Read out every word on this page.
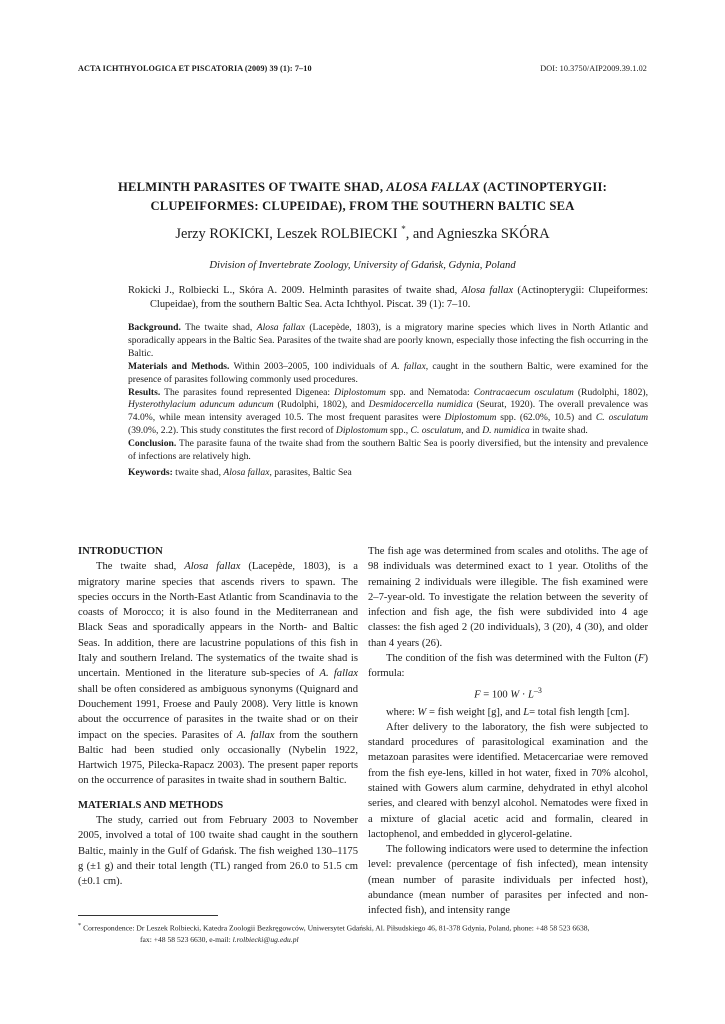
ACTA ICHTHYOLOGICA ET PISCATORIA (2009) 39 (1): 7–10	DOI: 10.3750/AIP2009.39.1.02
HELMINTH PARASITES OF TWAITE SHAD, ALOSA FALLAX (ACTINOPTERYGII:
CLUPEIFORMES: CLUPEIDAE), FROM THE SOUTHERN BALTIC SEA
Jerzy ROKICKI, Leszek ROLBIECKI *, and Agnieszka SKÓRA
Division of Invertebrate Zoology, University of Gdańsk, Gdynia, Poland
Rokicki J., Rolbiecki L., Skóra A. 2009. Helminth parasites of twaite shad, Alosa fallax (Actinopterygii: Clupeiformes: Clupeidae), from the southern Baltic Sea. Acta Ichthyol. Piscat. 39 (1): 7–10.

Background. The twaite shad, Alosa fallax (Lacepède, 1803), is a migratory marine species which lives in North Atlantic and sporadically appears in the Baltic Sea. Parasites of the twaite shad are poorly known, especially those infecting the fish occurring in the Baltic.

Materials and Methods. Within 2003–2005, 100 individuals of A. fallax, caught in the southern Baltic, were examined for the presence of parasites following commonly used procedures.

Results. The parasites found represented Digenea: Diplostomum spp. and Nematoda: Contracaecum osculatum (Rudolphi, 1802), Hysterothylacium aduncum aduncum (Rudolphi, 1802), and Desmidocercella numidica (Seurat, 1920). The overall prevalence was 74.0%, while mean intensity averaged 10.5. The most frequent parasites were Diplostomum spp. (62.0%, 10.5) and C. osculatum (39.0%, 2.2). This study constitutes the first record of Diplostomum spp., C. osculatum, and D. numidica in twaite shad.

Conclusion. The parasite fauna of the twaite shad from the southern Baltic Sea is poorly diversified, but the intensity and prevalence of infections are relatively high.

Keywords: twaite shad, Alosa fallax, parasites, Baltic Sea

INTRODUCTION

The twaite shad, Alosa fallax (Lacepède, 1803), is a migratory marine species that ascends rivers to spawn. The species occurs in the North-East Atlantic from Scandinavia to the coasts of Morocco; it is also found in the Mediterranean and Black Seas and sporadically appears in the North- and Baltic Seas. In addition, there are lacustrine populations of this fish in Italy and southern Ireland. The systematics of the twaite shad is uncertain. Mentioned in the literature sub-species of A. fallax shall be often considered as ambiguous synonyms (Quignard and Douchement 1991, Froese and Pauly 2008). Very little is known about the occurrence of parasites in the twaite shad or on their impact on the species. Parasites of A. fallax from the southern Baltic had been studied only occasionally (Nybelin 1922, Hartwich 1975, Pilecka-Rapacz 2003). The present paper reports on the occurrence of parasites in twaite shad in southern Baltic.

MATERIALS AND METHODS

The study, carried out from February 2003 to November 2005, involved a total of 100 twaite shad caught in the southern Baltic, mainly in the Gulf of Gdańsk. The fish weighed 130–1175 g (±1 g) and their total length (TL) ranged from 26.0 to 51.5 cm (±0.1 cm).

The fish age was determined from scales and otoliths. The age of 98 individuals was determined exact to 1 year. Otoliths of the remaining 2 individuals were illegible. The fish examined were 2–7-year-old. To investigate the relation between the severity of infection and fish age, the fish were subdivided into 4 age classes: the fish aged 2 (20 individuals), 3 (20), 4 (30), and older than 4 years (26).

The condition of the fish was determined with the Fulton (F) formula:

F = 100 $W \cdot L^{-3}$

where: W = fish weight [g], and L= total fish length [cm].

After delivery to the laboratory, the fish were subjected to standard procedures of parasitological examination and the metazoan parasites were identified. Metacercariae were removed from the fish eye-lens, killed in hot water, fixed in 70% alcohol, stained with Gowers alum carmine, dehydrated in ethyl alcohol series, and cleared with benzyl alcohol. Nematodes were fixed in a mixture of glacial acetic acid and formalin, cleared in lactophenol, and embedded in glycerol-gelatine.

The following indicators were used to determine the infection level: prevalence (percentage of fish infected), mean intensity (mean number of parasite individuals per infected host), abundance (mean number of parasites per infected and non-infected fish), and intensity range

* Correspondence: Dr Leszek Rolbiecki, Katedra Zoologii Bezkręgowców, Uniwersytet Gdański, Al. Piłsudskiego 46, 81-378 Gdynia, Poland, phone: +48 58 523 6638,
fax: +48 58 523 6630, e-mail: l.rolbiecki@ug.edu.pl
